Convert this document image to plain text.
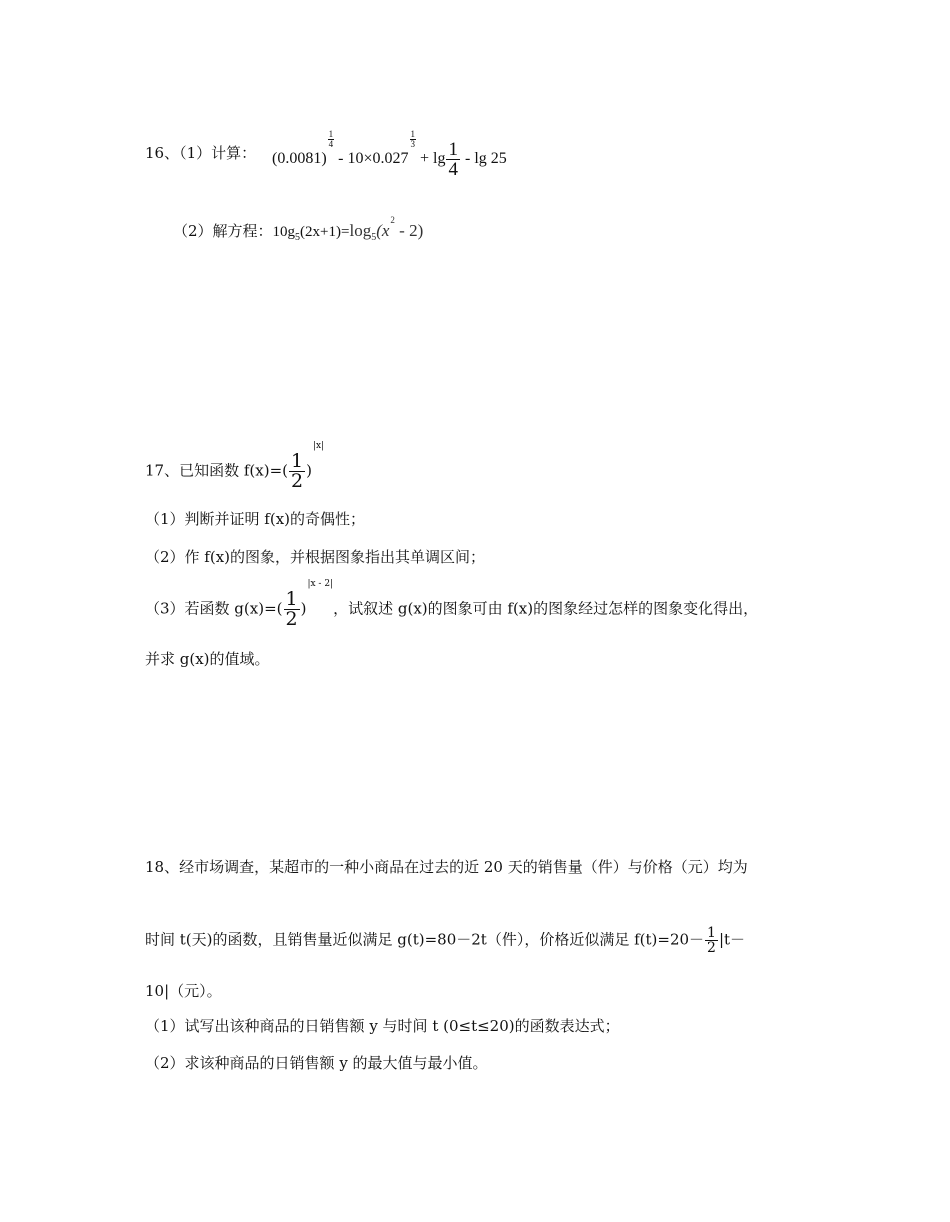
16、（1）计算： (0.0081)
$\frac{1}{4}$
- 10×0.027
$\frac{1}{3}$
+ $\lg \frac{1}{4}$ - lg 25
（2）解方程：$10g_5(2x+1)=\log_5(x^2 - 2)$
17、已知函数 $f(x)=( \frac{1}{2} )^{|x|}$
（1）判断并证明 f(x)的奇偶性；
（2）作 f(x)的图象，并根据图象指出其单调区间；
（3）若函数 $g(x)=( \frac{1}{2} )^{|x - 2|}$，试叙述 g(x)的图象可由 f(x)的图象经过怎样的图象变化得出，
并求 g(x)的值域。
18、经市场调查，某超市的一种小商品在过去的近 20 天的销售量（件）与价格（元）均为
时间 t(天)的函数，且销售量近似满足 g(t)=80－2t（件），价格近似满足 $f(t)=20- \frac{1}{2} |t-$
10|（元）。
（1）试写出该种商品的日销售额 y 与时间 t (0≤t≤20)的函数表达式；
（2）求该种商品的日销售额 y 的最大值与最小值。
